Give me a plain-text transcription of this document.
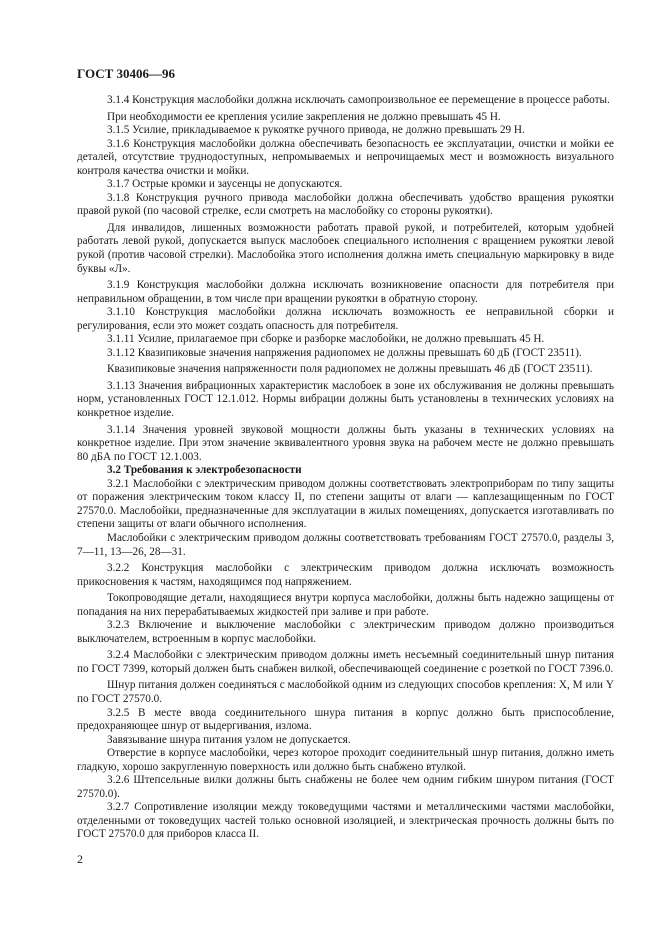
ГОСТ 30406—96

3.1.4 Конструкция маслобойки должна исключать самопроизвольное ее перемещение в процессе работы.

При необходимости ее крепления усилие закрепления не должно превышать 45 Н.

3.1.5 Усилие, прикладываемое к рукоятке ручного привода, не должно превышать 29 Н.

3.1.6 Конструкция маслобойки должна обеспечивать безопасность ее эксплуатации, очистки и мойки ее деталей, отсутствие труднодоступных, непромываемых и непрочищаемых мест и возможность визуального контроля качества очистки и мойки.

3.1.7 Острые кромки и заусенцы не допускаются.

3.1.8 Конструкция ручного привода маслобойки должна обеспечивать удобство вращения рукоятки правой рукой (по часовой стрелке, если смотреть на маслобойку со стороны рукоятки).

Для инвалидов, лишенных возможности работать правой рукой, и потребителей, которым удобней работать левой рукой, допускается выпуск маслобоек специального исполнения с вращением рукоятки левой рукой (против часовой стрелки). Маслобойка этого исполнения должна иметь специальную маркировку в виде буквы «Л».

3.1.9 Конструкция маслобойки должна исключать возникновение опасности для потребителя при неправильном обращении, в том числе при вращении рукоятки в обратную сторону.

3.1.10 Конструкция маслобойки должна исключать возможность ее неправильной сборки и регулирования, если это может создать опасность для потребителя.

3.1.11 Усилие, прилагаемое при сборке и разборке маслобойки, не должно превышать 45 Н.

3.1.12 Квазипиковые значения напряжения радиопомех не должны превышать 60 дБ (ГОСТ 23511).

Квазипиковые значения напряженности поля радиопомех не должны превышать 46 дБ (ГОСТ 23511).

3.1.13 Значения вибрационных характеристик маслобоек в зоне их обслуживания не должны превышать норм, установленных ГОСТ 12.1.012. Нормы вибрации должны быть установлены в технических условиях на конкретное изделие.

3.1.14 Значения уровней звуковой мощности должны быть указаны в технических условиях на конкретное изделие. При этом значение эквивалентного уровня звука на рабочем месте не должно превышать 80 дБА по ГОСТ 12.1.003.

3.2 Требования к электробезопасности

3.2.1 Маслобойки с электрическим приводом должны соответствовать электроприборам по типу защиты от поражения электрическим током классу II, по степени защиты от влаги — каплезащищенным по ГОСТ 27570.0. Маслобойки, предназначенные для эксплуатации в жилых помещениях, допускается изготавливать по степени защиты от влаги обычного исполнения.

Маслобойки с электрическим приводом должны соответствовать требованиям ГОСТ 27570.0, разделы 3, 7—11, 13—26, 28—31.

3.2.2 Конструкция маслобойки с электрическим приводом должна исключать возможность прикосновения к частям, находящимся под напряжением.

Токопроводящие детали, находящиеся внутри корпуса маслобойки, должны быть надежно защищены от попадания на них перерабатываемых жидкостей при заливе и при работе.

3.2.3 Включение и выключение маслобойки с электрическим приводом должно производиться выключателем, встроенным в корпус маслобойки.

3.2.4 Маслобойки с электрическим приводом должны иметь несъемный соединительный шнур питания по ГОСТ 7399, который должен быть снабжен вилкой, обеспечивающей соединение с розеткой по ГОСТ 7396.0.

Шнур питания должен соединяться с маслобойкой одним из следующих способов крепления: X, M или Y по ГОСТ 27570.0.

3.2.5 В месте ввода соединительного шнура питания в корпус должно быть приспособление, предохраняющее шнур от выдергивания, излома.

Завязывание шнура питания узлом не допускается.

Отверстие в корпусе маслобойки, через которое проходит соединительный шнур питания, должно иметь гладкую, хорошо закругленную поверхность или должно быть снабжено втулкой.

3.2.6 Штепсельные вилки должны быть снабжены не более чем одним гибким шнуром питания (ГОСТ 27570.0).

3.2.7 Сопротивление изоляции между токоведущими частями и металлическими частями маслобойки, отделенными от токоведущих частей только основной изоляцией, и электрическая прочность должны быть по ГОСТ 27570.0 для приборов класса II.

2
